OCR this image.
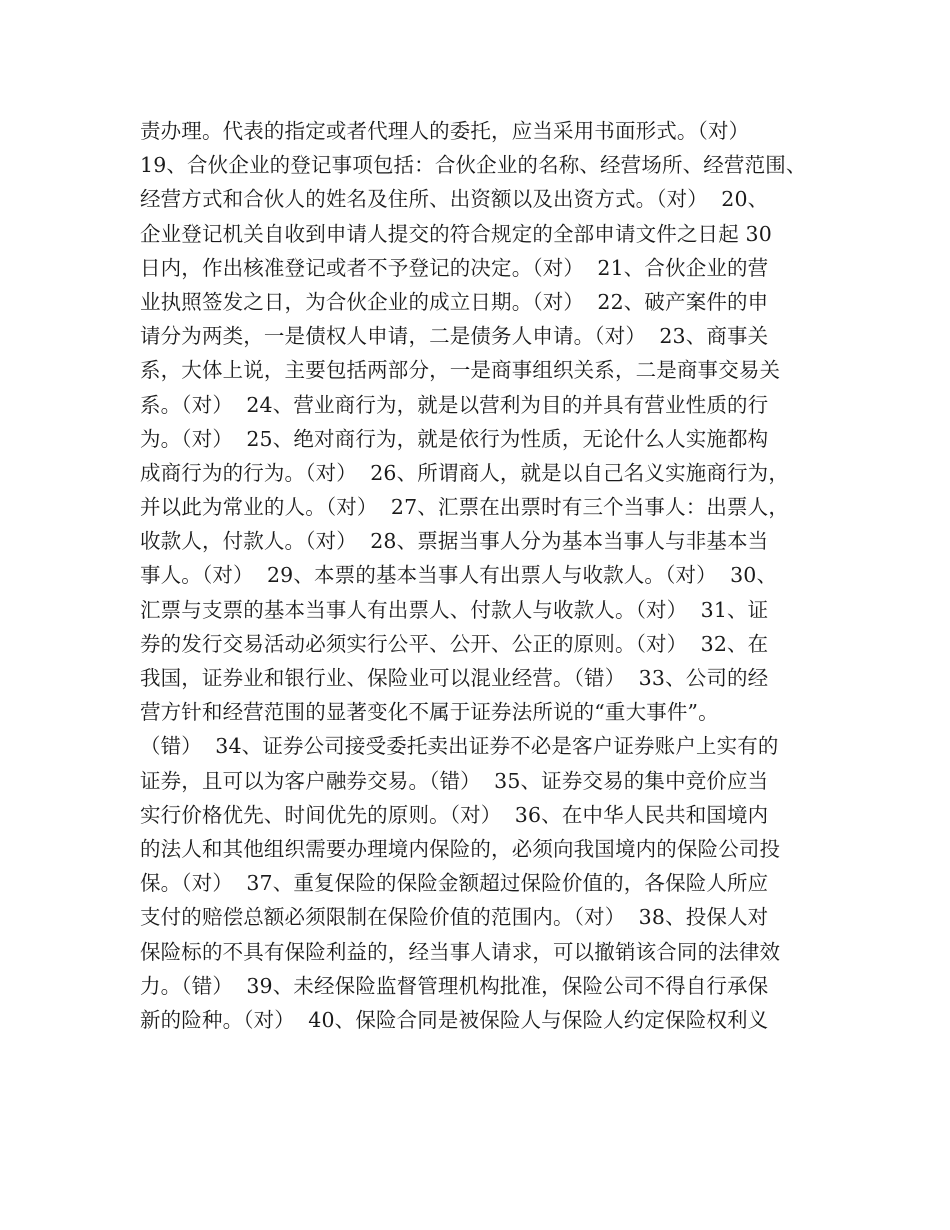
责办理。代表的指定或者代理人的委托，应当采用书面形式。（对）
19、合伙企业的登记事项包括：合伙企业的名称、经营场所、经营范围、
经营方式和合伙人的姓名及住所、出资额以及出资方式。（对）  20、
企业登记机关自收到申请人提交的符合规定的全部申请文件之日起 30
日内，作出核准登记或者不予登记的决定。（对）  21、合伙企业的营
业执照签发之日，为合伙企业的成立日期。（对）  22、破产案件的申
请分为两类，一是债权人申请，二是债务人申请。（对）  23、商事关
系，大体上说，主要包括两部分，一是商事组织关系，二是商事交易关
系。（对）  24、营业商行为，就是以营利为目的并具有营业性质的行
为。（对）  25、绝对商行为，就是依行为性质，无论什么人实施都构
成商行为的行为。（对）  26、所谓商人，就是以自己名义实施商行为，
并以此为常业的人。（对）  27、汇票在出票时有三个当事人：出票人，
收款人，付款人。（对）  28、票据当事人分为基本当事人与非基本当
事人。（对）  29、本票的基本当事人有出票人与收款人。（对）  30、
汇票与支票的基本当事人有出票人、付款人与收款人。（对）  31、证
券的发行交易活动必须实行公平、公开、公正的原则。（对）  32、在
我国，证券业和银行业、保险业可以混业经营。（错）  33、公司的经
营方针和经营范围的显著变化不属于证券法所说的“重大事件”。
（错）  34、证券公司接受委托卖出证券不必是客户证券账户上实有的
证券，且可以为客户融券交易。（错）  35、证券交易的集中竞价应当
实行价格优先、时间优先的原则。（对）  36、在中华人民共和国境内
的法人和其他组织需要办理境内保险的，必须向我国境内的保险公司投
保。（对）  37、重复保险的保险金额超过保险价值的，各保险人所应
支付的赔偿总额必须限制在保险价值的范围内。（对）  38、投保人对
保险标的不具有保险利益的，经当事人请求，可以撤销该合同的法律效
力。（错）  39、未经保险监督管理机构批准，保险公司不得自行承保
新的险种。（对）  40、保险合同是被保险人与保险人约定保险权利义
